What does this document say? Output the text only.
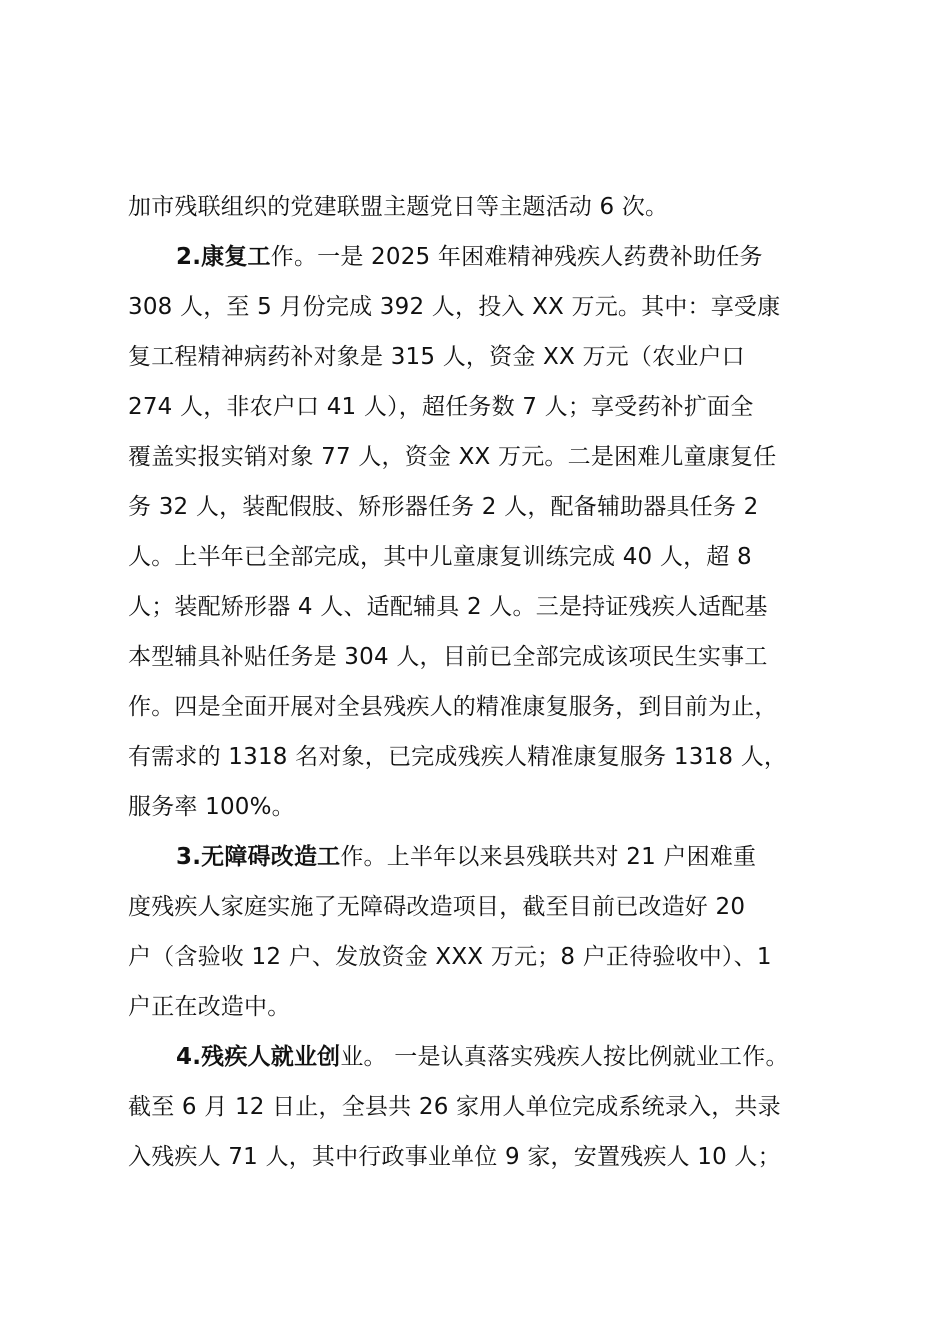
加市残联组织的党建联盟主题党日等主题活动 6 次。
2.康复工作。一是 2025 年困难精神残疾人药费补助任务
308 人，至 5 月份完成 392 人，投入 XX 万元。其中：享受康
复工程精神病药补对象是 315 人，资金 XX 万元（农业户口
274 人，非农户口 41 人），超任务数 7 人；享受药补扩面全
覆盖实报实销对象 77 人，资金 XX 万元。二是困难儿童康复任
务 32 人，装配假肢、矫形器任务 2 人，配备辅助器具任务 2
人。上半年已全部完成，其中儿童康复训练完成 40 人，超 8
人；装配矫形器 4 人、适配辅具 2 人。三是持证残疾人适配基
本型辅具补贴任务是 304 人，目前已全部完成该项民生实事工
作。四是全面开展对全县残疾人的精准康复服务，到目前为止，
有需求的 1318 名对象，已完成残疾人精准康复服务 1318 人，
服务率 100%。
3.无障碍改造工作。上半年以来县残联共对 21 户困难重
度残疾人家庭实施了无障碍改造项目，截至目前已改造好 20
户（含验收 12 户、发放资金 XXX 万元；8 户正待验收中）、1
户正在改造中。
4.残疾人就业创业。 一是认真落实残疾人按比例就业工作。
截至 6 月 12 日止，全县共 26 家用人单位完成系统录入，共录
入残疾人 71 人，其中行政事业单位 9 家，安置残疾人 10 人；
